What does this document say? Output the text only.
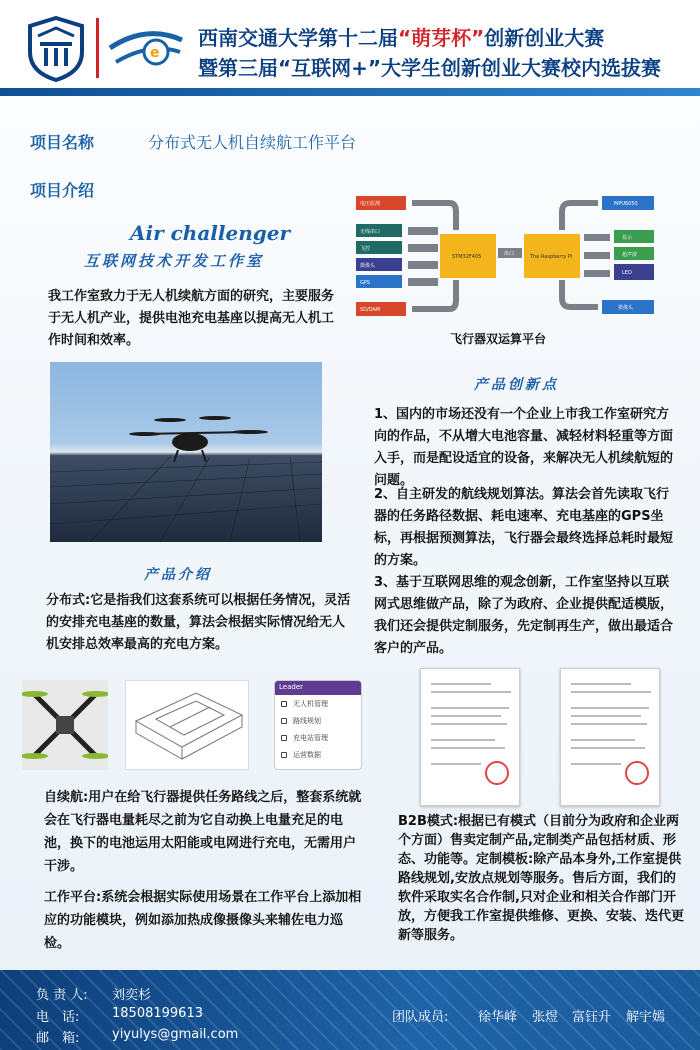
e
西南交通大学第十二届“萌芽杯”创新创业大赛
暨第三届“互联网+”大学生创新创业大赛校内选拔赛
项目名称	分布式无人机自续航工作平台
项目介绍
Air challenger
互联网技术开发工作室
我工作室致力于无人机续航方面的研究，主要服务于无人机产业，提供电池充电基座以提高无人机工作时间和效率。
电压监测
无线串口
飞控
摄像头
GPS
SD/DAM
STM32F405	串口	The Raspberry Pi
MPU6050
显示
超声波
LED
摄像头
飞行器双运算平台
产品创新点
1、国内的市场还没有一个企业上市我工作室研究方向的作品，不从增大电池容量、减轻材料轻重等方面入手，而是配设适宜的设备，来解决无人机续航短的问题。
2、自主研发的航线规划算法。算法会首先读取飞行器的任务路径数据、耗电速率、充电基座的GPS坐标，再根据预测算法，飞行器会最终选择总耗时最短的方案。
3、基于互联网思维的观念创新，工作室坚持以互联网式思维做产品，除了为政府、企业提供配适模版，我们还会提供定制服务，先定制再生产，做出最适合客户的产品。
产品介绍
分布式:它是指我们这套系统可以根据任务情况，灵活的安排充电基座的数量，算法会根据实际情况给无人机安排总效率最高的充电方案。
Leader
无人机管理
路线规划
充电站管理
运营数据
自续航:用户在给飞行器提供任务路线之后，整套系统就会在飞行器电量耗尽之前为它自动换上电量充足的电池，换下的电池运用太阳能或电网进行充电，无需用户干涉。
工作平台:系统会根据实际使用场景在工作平台上添加相应的功能模块，例如添加热成像摄像头来辅佐电力巡检。
B2B模式:根据已有模式（目前分为政府和企业两个方面）售卖定制产品,定制类产品包括材质、形态、功能等。定制模板:除产品本身外,工作室提供路线规划,安放点规划等服务。售后方面，我们的软件采取实名合作制,只对企业和相关合作部门开放，方便我工作室提供维修、更换、安装、迭代更新等服务。
负 责 人: 刘奕杉
电　话:	18508199613
邮　箱:	yiyulys@gmail.com
团队成员: 徐华峰 张煜 富钰升 解宇嫣
